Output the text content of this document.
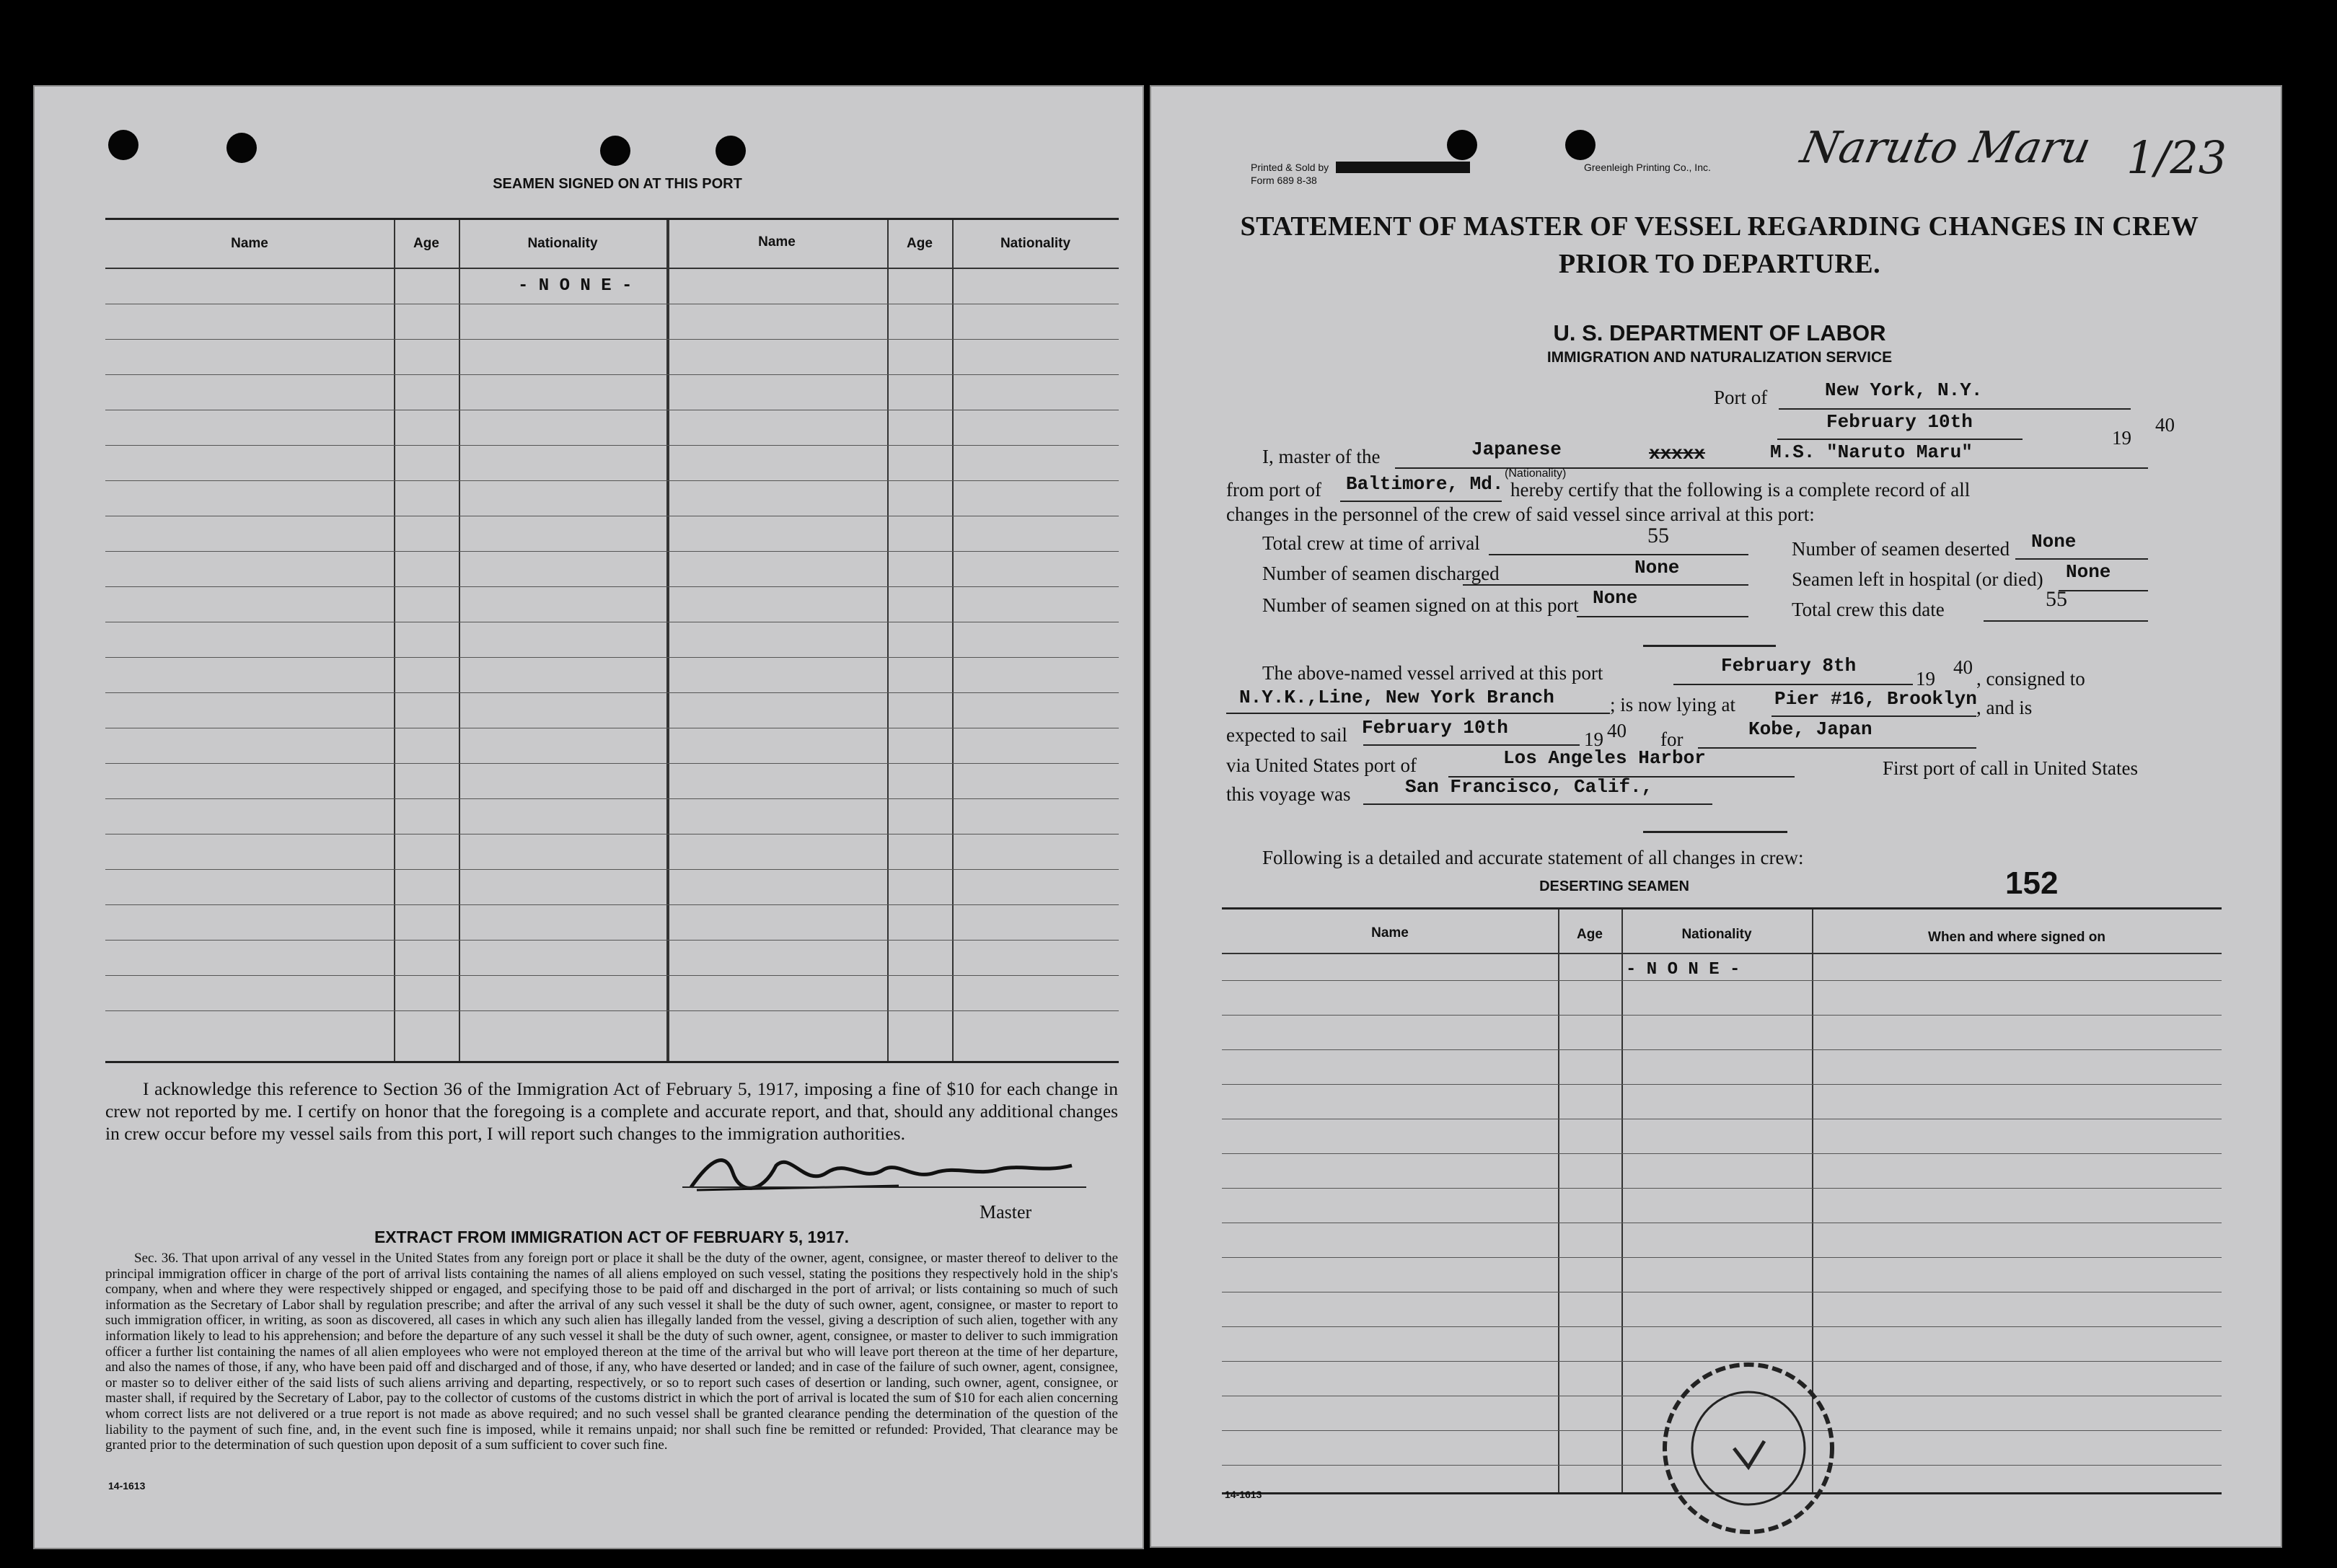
SEAMEN SIGNED ON AT THIS PORT
Name	Age	Nationality	Name	Age	Nationality
- N O N E -
I acknowledge this reference to Section 36 of the Immigration Act of February 5, 1917, imposing a fine of $10 for each change in crew not reported by me. I certify on honor that the foregoing is a complete and accurate report, and that, should any additional changes in crew occur before my vessel sails from this port, I will report such changes to the immigration authorities.
Master
EXTRACT FROM IMMIGRATION ACT OF FEBRUARY 5, 1917.
Sec. 36. That upon arrival of any vessel in the United States from any foreign port or place it shall be the duty of the owner, agent, consignee, or master thereof to deliver to the principal immigration officer in charge of the port of arrival lists containing the names of all aliens employed on such vessel, stating the positions they respectively hold in the ship's company, when and where they were respectively shipped or engaged, and specifying those to be paid off and discharged in the port of arrival; or lists containing so much of such information as the Secretary of Labor shall by regulation prescribe; and after the arrival of any such vessel it shall be the duty of such owner, agent, consignee, or master to report to such immigration officer, in writing, as soon as discovered, all cases in which any such alien has illegally landed from the vessel, giving a description of such alien, together with any information likely to lead to his apprehension; and before the departure of any such vessel it shall be the duty of such owner, agent, consignee, or master to deliver to such immigration officer a further list containing the names of all alien employees who were not employed thereon at the time of the arrival but who will leave port thereon at the time of her departure, and also the names of those, if any, who have been paid off and discharged and of those, if any, who have deserted or landed; and in case of the failure of such owner, agent, consignee, or master so to deliver either of the said lists of such aliens arriving and departing, respectively, or so to report such cases of desertion or landing, such owner, agent, consignee, or master shall, if required by the Secretary of Labor, pay to the collector of customs of the customs district in which the port of arrival is located the sum of $10 for each alien concerning whom correct lists are not delivered or a true report is not made as above required; and no such vessel shall be granted clearance pending the determination of the question of the liability to the payment of such fine, and, in the event such fine is imposed, while it remains unpaid; nor shall such fine be remitted or refunded: Provided, That clearance may be granted prior to the determination of such question upon deposit of a sum sufficient to cover such fine.
14-1613
Printed & Sold by	Greenleigh Printing Co., Inc.
Form 689 8-38
Naruto Maru 1/23
STATEMENT OF MASTER OF VESSEL REGARDING CHANGES IN CREW
PRIOR TO DEPARTURE.
U. S. DEPARTMENT OF LABOR
IMMIGRATION AND NATURALIZATION SERVICE
Port of	New York, N.Y.
February 10th
19
40
I, master of the	Japanese
(Nationality)
xxxxx	M.S. "Naruto Maru"
from port of Baltimore, Md. hereby certify that the following is a complete record of all
changes in the personnel of the crew of said vessel since arrival at this port:
Total crew at time of arrival	55
Number of seamen deserted None
Number of seamen discharged	None
Seamen left in hospital (or died) None
Number of seamen signed on at this port None
Total crew this date	55
The above-named vessel arrived at this port	February 8th
19
40
, consigned to
N.Y.K.,Line, New York Branch	; is now lying at Pier #16, Brooklyn , and is
expected to sail February 10th
19 40 for	Kobe, Japan
via United States port of	Los Angeles Harbor	First port of call in United States
this voyage was	San Francisco, Calif.,
Following is a detailed and accurate statement of all changes in crew:
DESERTING SEAMEN	152
Name	Age	Nationality	When and where signed on
- N O N E -
14-1613
